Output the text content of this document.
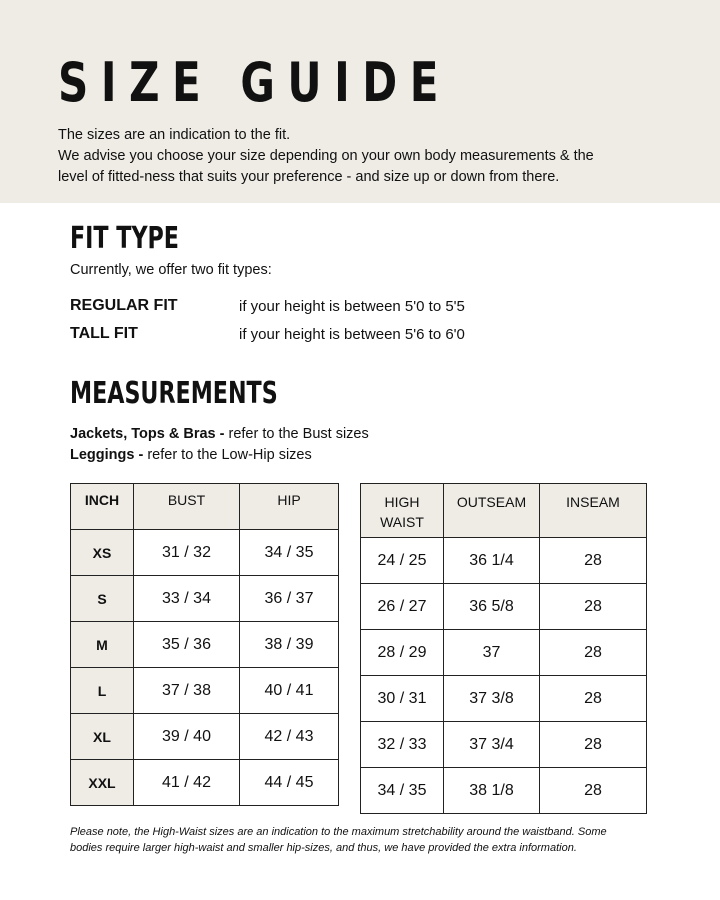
SIZE GUIDE
The sizes are an indication to the fit.
We advise you choose your size depending on your own body measurements & the
level of fitted-ness that suits your preference - and size up or down from there.
FIT TYPE
Currently, we offer two fit types:
REGULAR FIT	if your height is between 5'0 to 5'5
TALL FIT	if your height is between 5'6 to 6'0
MEASUREMENTS
Jackets, Tops & Bras - refer to the Bust sizes
Leggings - refer to the Low-Hip sizes
INCH	BUST	HIP
XS	31 / 32	34 / 35
S	33 / 34	36 / 37
M	35 / 36	38 / 39
L	37 / 38	40 / 41
XL	39 / 40	42 / 43
XXL	41 / 42	44 / 45
HIGH
WAIST	OUTSEAM	INSEAM
24 / 25	36 1/4	28
26 / 27	36 5/8	28
28 / 29	37	28
30 / 31	37 3/8	28
32 / 33	37 3/4	28
34 / 35	38 1/8	28
Please note, the High-Waist sizes are an indication to the maximum stretchability around the waistband. Some
bodies require larger high-waist and smaller hip-sizes, and thus, we have provided the extra information.
